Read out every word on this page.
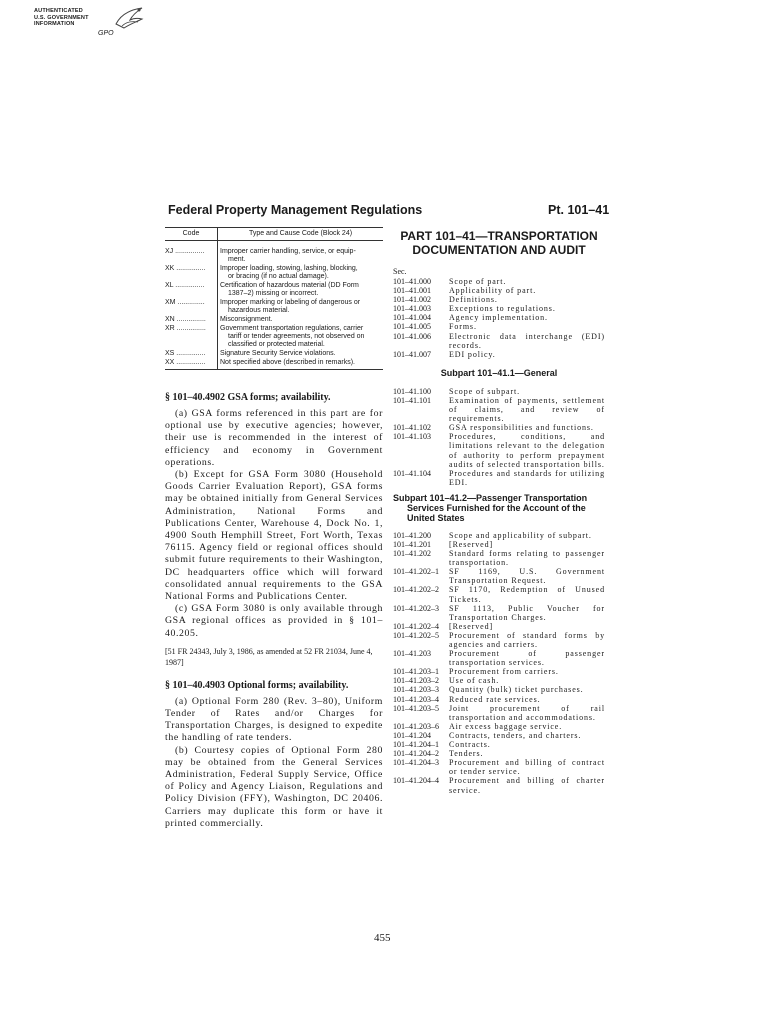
AUTHENTICATED
U.S. GOVERNMENT
INFORMATION
GPO
Federal Property Management Regulations	Pt. 101–41
Code	Type and Cause Code (Block 24)
XJ ...............	Improper carrier handling, service, or equip-
ment.

XK ...............	Improper loading, stowing, lashing, blocking,
or bracing (if no actual damage).

XL ...............	Certification of hazardous material (DD Form
1387–2) missing or incorrect.

XM ..............	Improper marking or labeling of dangerous or
hazardous material.

XN ...............	Misconsignment.
XR ...............	Government transportation regulations, carrier
tariff or tender agreements, not observed on
classified or protected material.

XS ...............	Signature Security Service violations.
XX ...............	Not specified above (described in remarks).
§ 101–40.4902 GSA forms; availability.

(a) GSA forms referenced in this part are for optional use by executive agencies; however, their use is recommended in the interest of efficiency and economy in Government operations.

(b) Except for GSA Form 3080 (Household Goods Carrier Evaluation Report), GSA forms may be obtained initially from General Services Administration, National Forms and Publications Center, Warehouse 4, Dock No. 1, 4900 South Hemphill Street, Fort Worth, Texas 76115. Agency field or regional offices should submit future requirements to their Washington, DC headquarters office which will forward consolidated annual requirements to the GSA National Forms and Publications Center.

(c) GSA Form 3080 is only available through GSA regional offices as provided in § 101–40.205.

[51 FR 24343, July 3, 1986, as amended at 52 FR 21034, June 4, 1987]
§ 101–40.4903 Optional forms; availability.

(a) Optional Form 280 (Rev. 3–80), Uniform Tender of Rates and/or Charges for Transportation Charges, is designed to expedite the handling of rate tenders.

(b) Courtesy copies of Optional Form 280 may be obtained from the General Services Administration, Federal Supply Service, Office of Policy and Agency Liaison, Regulations and Policy Division (FFY), Washington, DC 20406. Carriers may duplicate this form or have it printed commercially.

PART 101–41—TRANSPORTATION DOCUMENTATION AND AUDIT
Sec.
101–41.000	Scope of part.
101–41.001	Applicability of part.
101–41.002	Definitions.
101–41.003	Exceptions to regulations.
101–41.004	Agency implementation.
101–41.005	Forms.
101–41.006	Electronic data interchange (EDI) records.
101–41.007	EDI policy.
Subpart 101–41.1—General
101–41.100	Scope of subpart.
101–41.101	Examination of payments, settlement of claims, and review of requirements.
101–41.102	GSA responsibilities and functions.
101–41.103	Procedures, conditions, and limitations relevant to the delegation of authority to perform prepayment audits of selected transportation bills.
101–41.104	Procedures and standards for utilizing EDI.
Subpart 101–41.2—Passenger Transportation Services Furnished for the Account of the United States
101–41.200	Scope and applicability of subpart.
101–41.201	[Reserved]
101–41.202	Standard forms relating to passenger transportation.
101–41.202–1	SF 1169, U.S. Government Transportation Request.
101–41.202–2	SF 1170, Redemption of Unused Tickets.
101–41.202–3	SF 1113, Public Voucher for Transportation Charges.
101–41.202–4	[Reserved]
101–41.202–5	Procurement of standard forms by agencies and carriers.
101–41.203	Procurement of passenger transportation services.
101–41.203–1	Procurement from carriers.
101–41.203–2	Use of cash.
101–41.203–3	Quantity (bulk) ticket purchases.
101–41.203–4	Reduced rate services.
101–41.203–5	Joint procurement of rail transportation and accommodations.
101–41.203–6	Air excess baggage service.
101–41.204	Contracts, tenders, and charters.
101–41.204–1	Contracts.
101–41.204–2	Tenders.
101–41.204–3	Procurement and billing of contract or tender service.
101–41.204–4	Procurement and billing of charter service.
455
